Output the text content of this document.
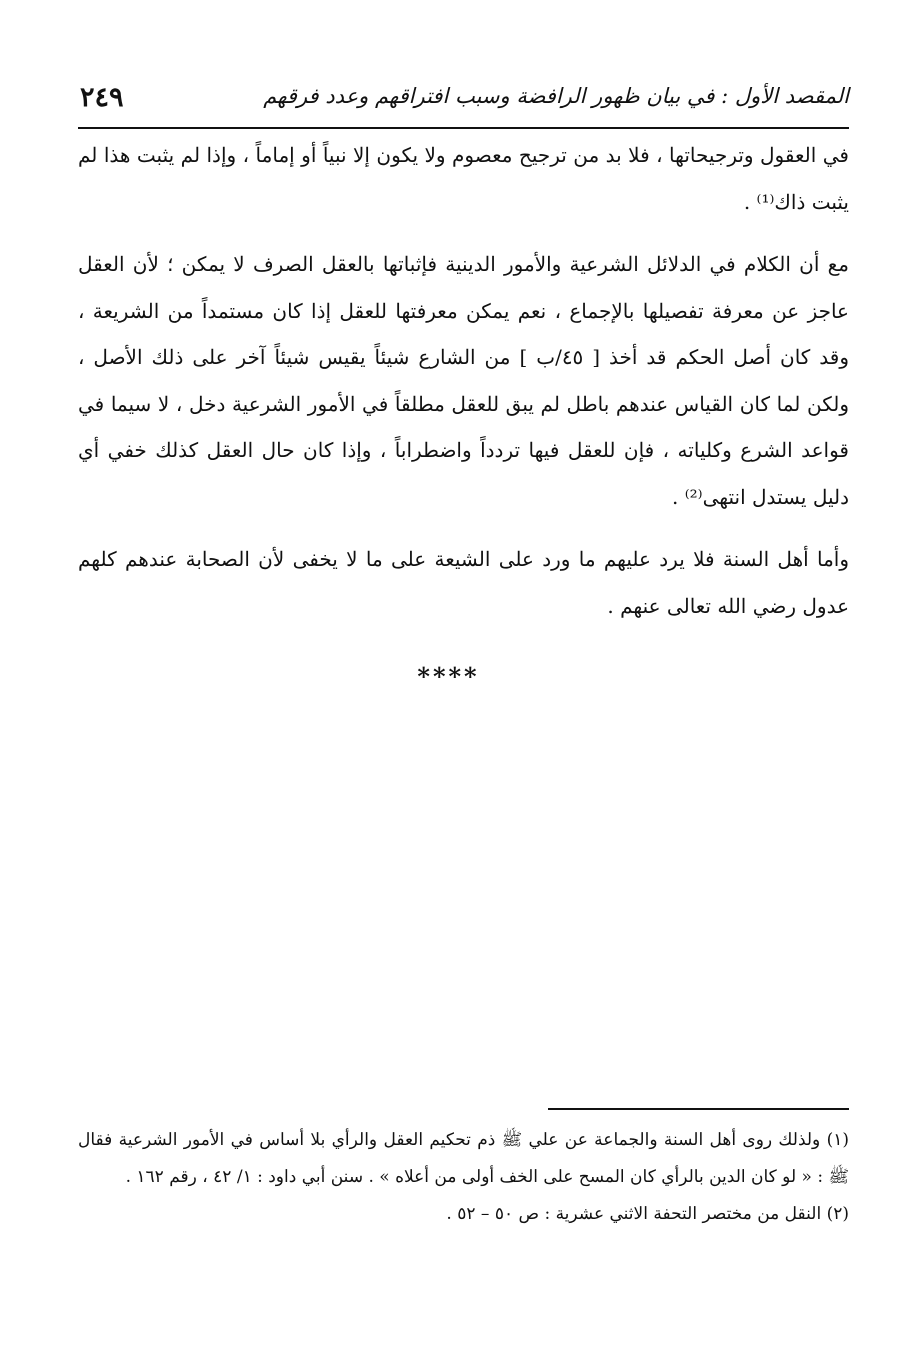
٢٤٩	المقصد الأول : في بيان ظهور الرافضة وسبب افتراقهم وعدد فرقهم

في العقول وترجيحاتها ، فلا بد من ترجيح معصوم ولا يكون إلا نبياً أو إماماً ، وإذا لم يثبت هذا لم يثبت ذاك⁽¹⁾ .

مع أن الكلام في الدلائل الشرعية والأمور الدينية فإثباتها بالعقل الصرف لا يمكن ؛ لأن العقل عاجز عن معرفة تفصيلها بالإجماع ، نعم يمكن معرفتها للعقل إذا كان مستمداً من الشريعة ، وقد كان أصل الحكم قد أخذ [ ٤٥/ب ] من الشارع شيئاً يقيس شيئاً آخر على ذلك الأصل ، ولكن لما كان القياس عندهم باطل لم يبق للعقل مطلقاً في الأمور الشرعية دخل ، لا سيما في قواعد الشرع وكلياته ، فإن للعقل فيها تردداً واضطراباً ، وإذا كان حال العقل كذلك خفي أي دليل يستدل انتهى⁽²⁾ .

وأما أهل السنة فلا يرد عليهم ما ورد على الشيعة على ما لا يخفى لأن الصحابة عندهم كلهم عدول رضي الله تعالى عنهم .

****

(١) ولذلك روى أهل السنة والجماعة عن علي ﷺ ذم تحكيم العقل والرأي بلا أساس في الأمور الشرعية فقال ﷺ : « لو كان الدين بالرأي كان المسح على الخف أولى من أعلاه » . سنن أبي داود : ١/ ٤٢ ، رقم ١٦٢ .

(٢) النقل من مختصر التحفة الاثني عشرية : ص ٥٠ – ٥٢ .
